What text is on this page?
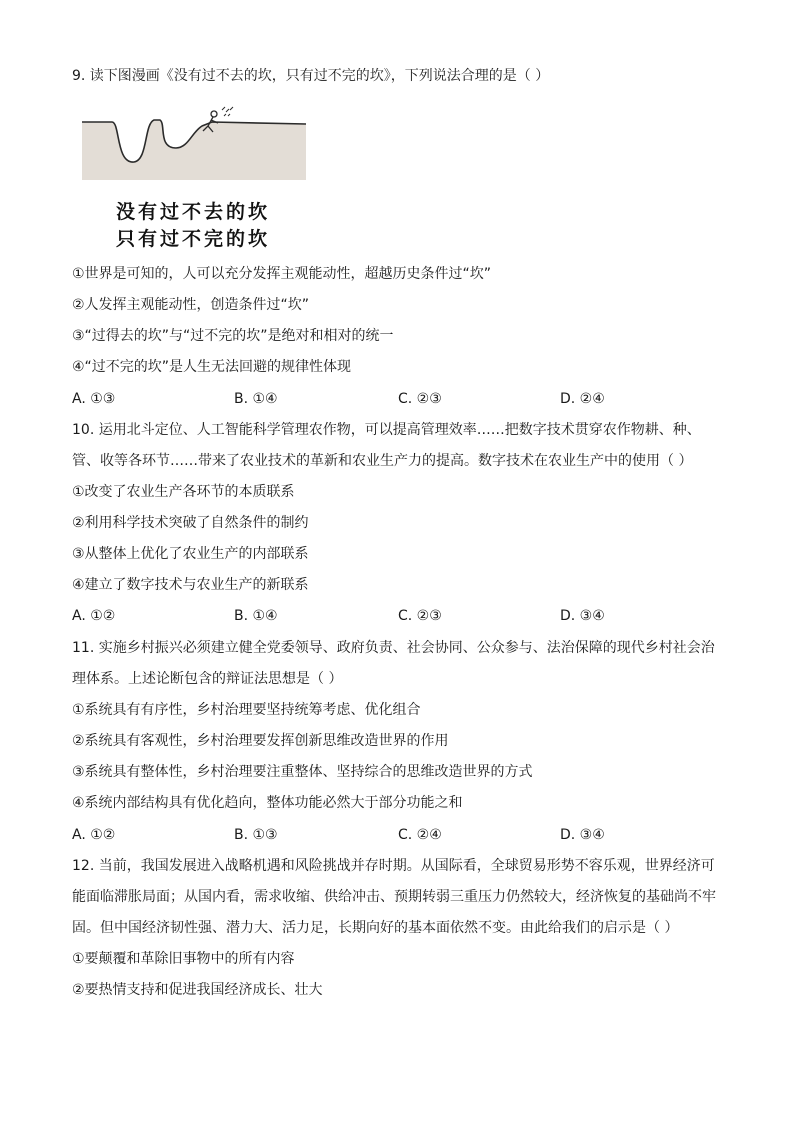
9. 读下图漫画《没有过不去的坎，只有过不完的坎》，下列说法合理的是（ ）
没有过不去的坎
只有过不完的坎
①世界是可知的，人可以充分发挥主观能动性，超越历史条件过“坎”
②人发挥主观能动性，创造条件过“坎”
③“过得去的坎”与“过不完的坎”是绝对和相对的统一
④“过不完的坎”是人生无法回避的规律性体现
A. ①③	B. ①④	C. ②③	D. ②④
10. 运用北斗定位、人工智能科学管理农作物，可以提高管理效率……把数字技术贯穿农作物耕、种、
管、收等各环节……带来了农业技术的革新和农业生产力的提高。数字技术在农业生产中的使用（ ）
①改变了农业生产各环节的本质联系
②利用科学技术突破了自然条件的制约
③从整体上优化了农业生产的内部联系
④建立了数字技术与农业生产的新联系
A. ①②	B. ①④	C. ②③	D. ③④
11. 实施乡村振兴必须建立健全党委领导、政府负责、社会协同、公众参与、法治保障的现代乡村社会治
理体系。上述论断包含的辩证法思想是（ ）
①系统具有有序性，乡村治理要坚持统筹考虑、优化组合
②系统具有客观性，乡村治理要发挥创新思维改造世界的作用
③系统具有整体性，乡村治理要注重整体、坚持综合的思维改造世界的方式
④系统内部结构具有优化趋向，整体功能必然大于部分功能之和
A. ①②	B. ①③	C. ②④	D. ③④
12. 当前，我国发展进入战略机遇和风险挑战并存时期。从国际看，全球贸易形势不容乐观，世界经济可
能面临滞胀局面；从国内看，需求收缩、供给冲击、预期转弱三重压力仍然较大，经济恢复的基础尚不牢
固。但中国经济韧性强、潜力大、活力足，长期向好的基本面依然不变。由此给我们的启示是（ ）
①要颠覆和革除旧事物中的所有内容
②要热情支持和促进我国经济成长、壮大
